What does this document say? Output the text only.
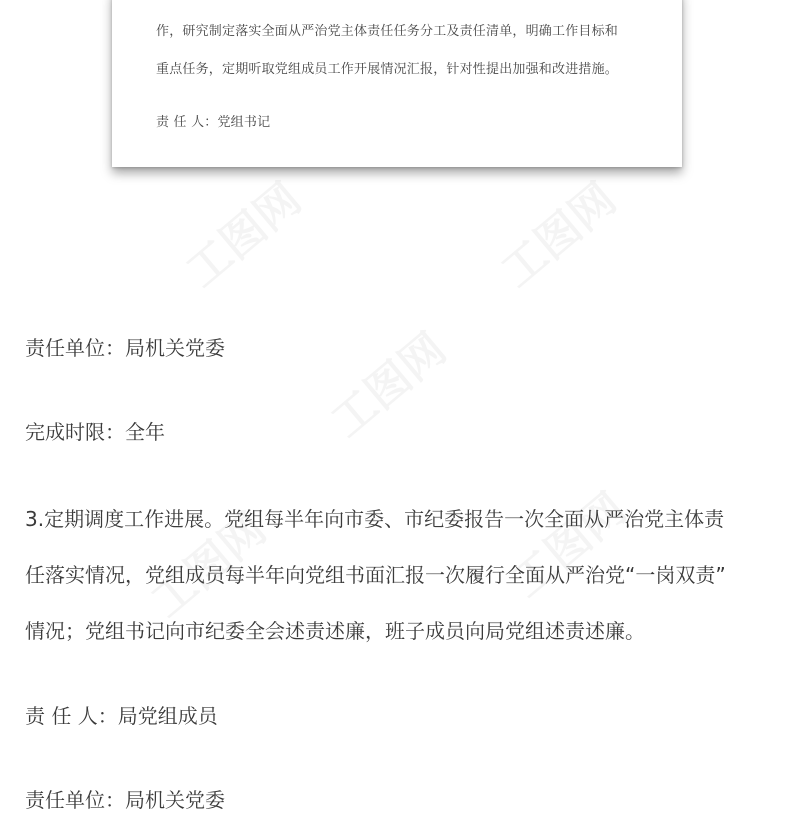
作，研究制定落实全面从严治党主体责任任务分工及责任清单，明确工作目标和
重点任务，定期听取党组成员工作开展情况汇报，针对性提出加强和改进措施。
责 任 人：党组书记
责任单位：局机关党委
完成时限：全年
3.定期调度工作进展。党组每半年向市委、市纪委报告一次全面从严治党主体责
任落实情况，党组成员每半年向党组书面汇报一次履行全面从严治党“一岗双责”
情况；党组书记向市纪委全会述责述廉，班子成员向局党组述责述廉。
责 任 人：局党组成员
责任单位：局机关党委
